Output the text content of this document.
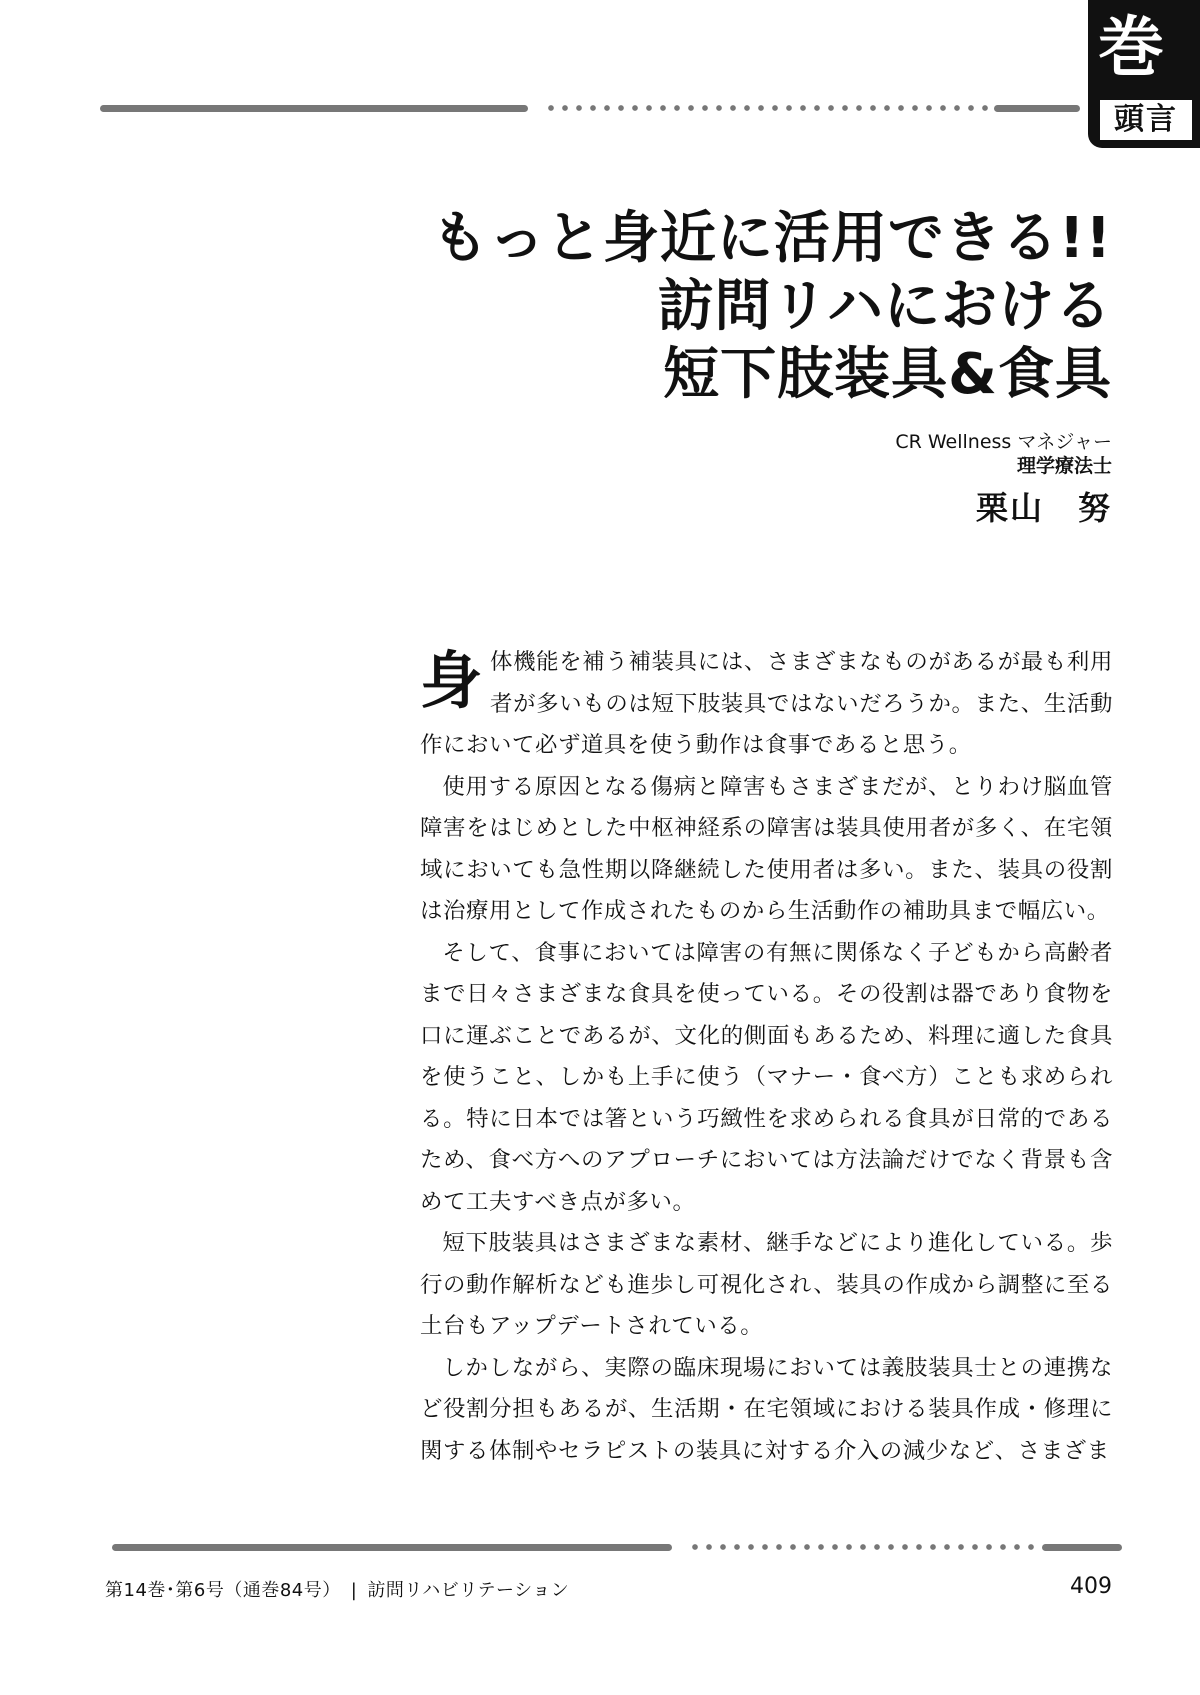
巻
頭言
もっと身近に活用できる!!
訪問リハにおける
短下肢装具&食具
CR Wellness マネジャー
理学療法士
栗山　努

身体機能を補う補装具には、さまざまなものがあるが最も利用者が多いものは短下肢装具ではないだろうか。また、生活動作において必ず道具を使う動作は食事であると思う。

使用する原因となる傷病と障害もさまざまだが、とりわけ脳血管障害をはじめとした中枢神経系の障害は装具使用者が多く、在宅領域においても急性期以降継続した使用者は多い。また、装具の役割は治療用として作成されたものから生活動作の補助具まで幅広い。

そして、食事においては障害の有無に関係なく子どもから高齢者まで日々さまざまな食具を使っている。その役割は器であり食物を口に運ぶことであるが、文化的側面もあるため、料理に適した食具を使うこと、しかも上手に使う（マナー・食べ方）ことも求められる。特に日本では箸という巧緻性を求められる食具が日常的であるため、食べ方へのアプローチにおいては方法論だけでなく背景も含めて工夫すべき点が多い。

短下肢装具はさまざまな素材、継手などにより進化している。歩行の動作解析なども進歩し可視化され、装具の作成から調整に至る土台もアップデートされている。

しかしながら、実際の臨床現場においては義肢装具士との連携など役割分担もあるが、生活期・在宅領域における装具作成・修理に関する体制やセラピストの装具に対する介入の減少など、さまざま

第14巻･第6号（通巻84号） | 訪問リハビリテーション	409
